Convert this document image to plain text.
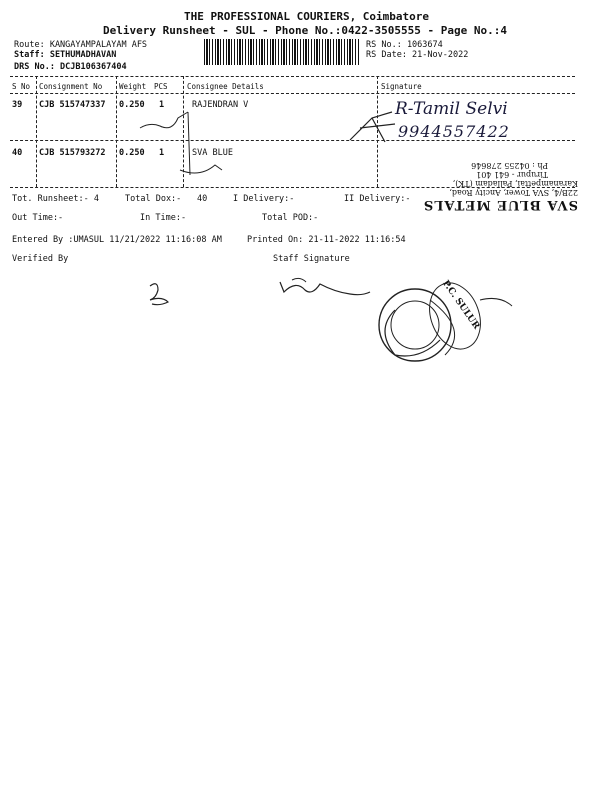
THE PROFESSIONAL COURIERS, Coimbatore
Delivery Runsheet - SUL - Phone No.:0422-3505555 - Page No.:4
Route: KANGAYAMPALAYAM AFS
Staff: SETHUMADHAVAN
DRS No.: DCJB106367404
RS No.: 1063674
RS Date: 21-Nov-2022
S No Consignment No Weight PCS	Consignee Details	Signature
39 CJB 515747337 0.250 1	RAJENDRAN V
40 CJB 515793272 0.250 1	SVA BLUE
R-Tamil Selvi
9944557422
P.C. SULUR
SVA BLUE METALS
22B/4, SVA Tower, Ancity Road,
Karanampettai, Palladam (TK),
Tirupur - 641 401
Ph : 04255 278646
Tot. Runsheet:- 4	Total Dox:- 40	I Delivery:-	II Delivery:-
Out Time:-	In Time:-	Total POD:-
Entered By :UMASUL 11/21/2022 11:16:08 AM	Printed On: 21-11-2022 11:16:54
Verified By	Staff Signature
